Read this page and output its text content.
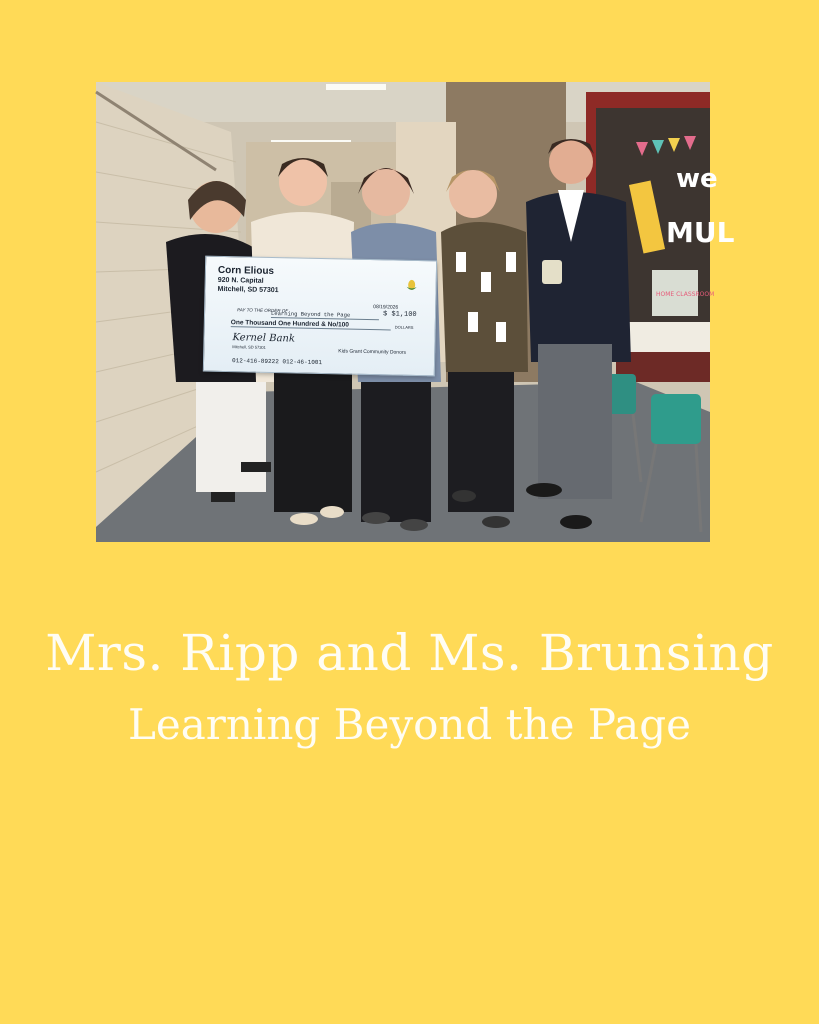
we
MUL
HOME CLASSROOM
Corn Elious
920 N. Capital
Mitchell, SD 57301
08/19/2026
PAY TO THE ORDER OF
Learning Beyond the Page	$ $1,100
One Thousand One Hundred & No/100	DOLLARS
Kernel Bank
Mitchell, SD 57301
Kids Grant Community Donors
012-416-89222 012-46-1001
Mrs. Ripp and Ms. Brunsing
Learning Beyond the Page
